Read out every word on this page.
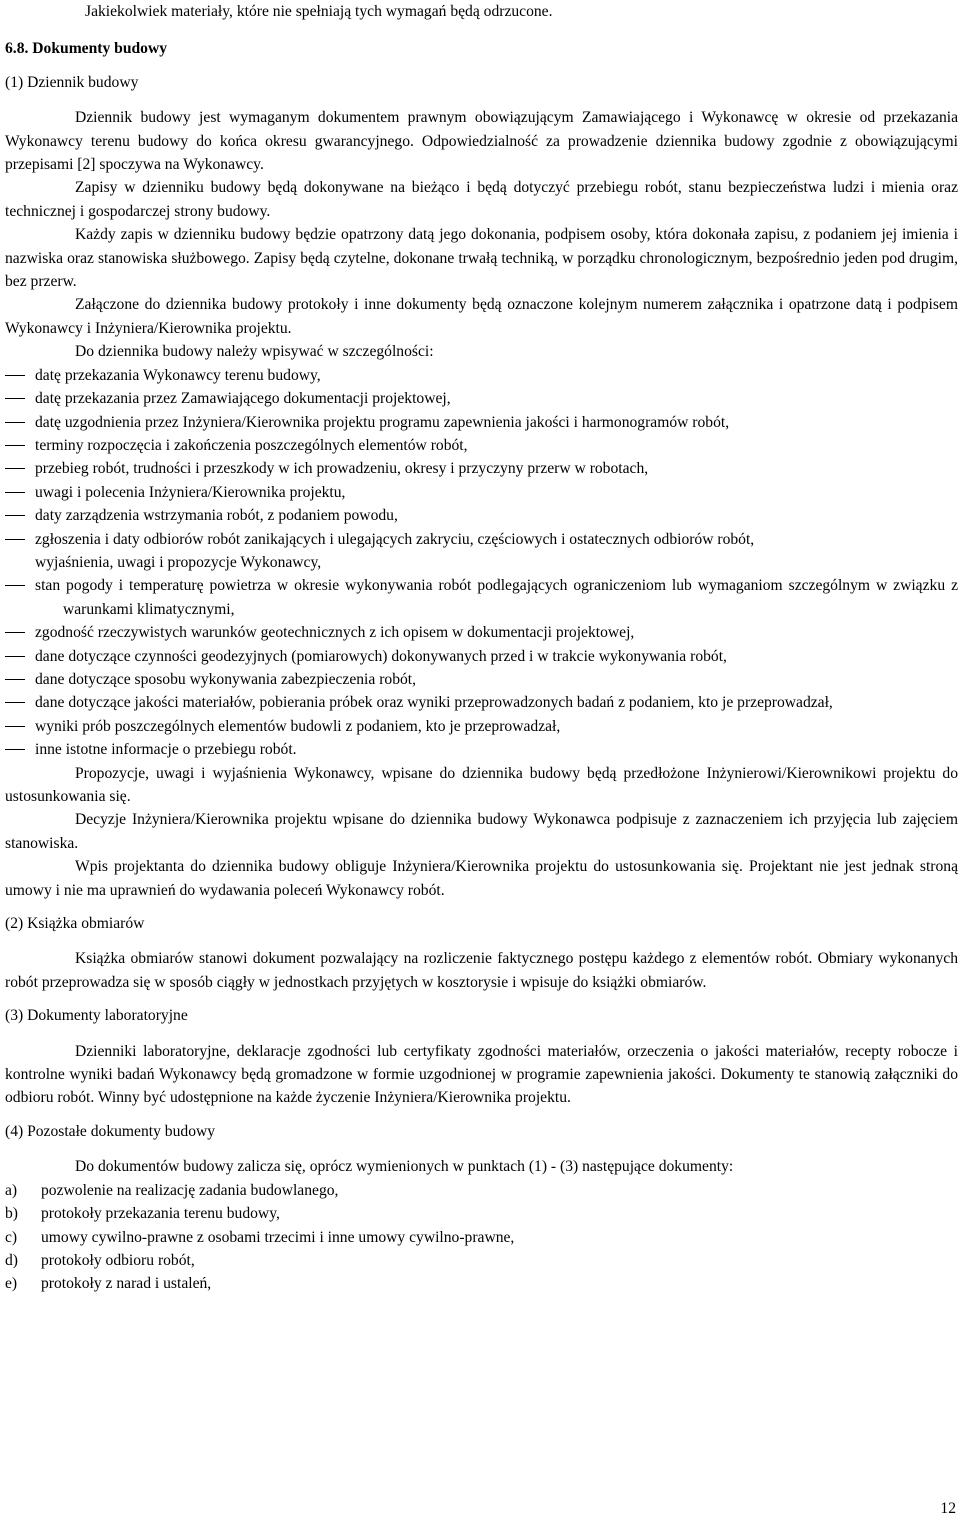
Jakiekolwiek materiały, które nie spełniają tych wymagań będą odrzucone.

6.8. Dokumenty budowy
(1) Dziennik budowy

Dziennik budowy jest wymaganym dokumentem prawnym obowiązującym Zamawiającego i Wykonawcę w okresie od przekazania Wykonawcy terenu budowy do końca okresu gwarancyjnego. Odpowiedzialność za prowadzenie dziennika budowy zgodnie z obowiązującymi przepisami [2] spoczywa na Wykonawcy.

Zapisy w dzienniku budowy będą dokonywane na bieżąco i będą dotyczyć przebiegu robót, stanu bezpieczeństwa ludzi i mienia oraz technicznej i gospodarczej strony budowy.

Każdy zapis w dzienniku budowy będzie opatrzony datą jego dokonania, podpisem osoby, która dokonała zapisu, z podaniem jej imienia i nazwiska oraz stanowiska służbowego. Zapisy będą czytelne, dokonane trwałą techniką, w porządku chronologicznym, bezpośrednio jeden pod drugim, bez przerw.

Załączone do dziennika budowy protokoły i inne dokumenty będą oznaczone kolejnym numerem załącznika i opatrzone datą i podpisem Wykonawcy i Inżyniera/Kierownika projektu.

Do dziennika budowy należy wpisywać w szczególności:

datę przekazania Wykonawcy terenu budowy,
datę przekazania przez Zamawiającego dokumentacji projektowej,
datę uzgodnienia przez Inżyniera/Kierownika projektu programu zapewnienia jakości i harmonogramów robót,
terminy rozpoczęcia i zakończenia poszczególnych elementów robót,
przebieg robót, trudności i przeszkody w ich prowadzeniu, okresy i przyczyny przerw w robotach,
uwagi i polecenia Inżyniera/Kierownika projektu,
daty zarządzenia wstrzymania robót, z podaniem powodu,
zgłoszenia i daty odbiorów robót zanikających i ulegających zakryciu, częściowych i ostatecznych odbiorów robót,
wyjaśnienia, uwagi i propozycje Wykonawcy,
stan pogody i temperaturę powietrza w okresie wykonywania robót podlegających ograniczeniom lub wymaganiom szczególnym w związku z warunkami klimatycznymi,
zgodność rzeczywistych warunków geotechnicznych z ich opisem w dokumentacji projektowej,
dane dotyczące czynności geodezyjnych (pomiarowych) dokonywanych przed i w trakcie wykonywania robót,
dane dotyczące sposobu wykonywania zabezpieczenia robót,
dane dotyczące jakości materiałów, pobierania próbek oraz wyniki przeprowadzonych badań z podaniem, kto je przeprowadzał,
wyniki prób poszczególnych elementów budowli z podaniem, kto je przeprowadzał,
inne istotne informacje o przebiegu robót.

Propozycje, uwagi i wyjaśnienia Wykonawcy, wpisane do dziennika budowy będą przedłożone Inżynierowi/Kierownikowi projektu do ustosunkowania się.

Decyzje Inżyniera/Kierownika projektu wpisane do dziennika budowy Wykonawca podpisuje z zaznaczeniem ich przyjęcia lub zajęciem stanowiska.

Wpis projektanta do dziennika budowy obliguje Inżyniera/Kierownika projektu do ustosunkowania się. Projektant nie jest jednak stroną umowy i nie ma uprawnień do wydawania poleceń Wykonawcy robót.

(2) Książka obmiarów

Książka obmiarów stanowi dokument pozwalający na rozliczenie faktycznego postępu każdego z elementów robót. Obmiary wykonanych robót przeprowadza się w sposób ciągły w jednostkach przyjętych w kosztorysie i wpisuje do książki obmiarów.

(3) Dokumenty laboratoryjne

Dzienniki laboratoryjne, deklaracje zgodności lub certyfikaty zgodności materiałów, orzeczenia o jakości materiałów, recepty robocze i kontrolne wyniki badań Wykonawcy będą gromadzone w formie uzgodnionej w programie zapewnienia jakości. Dokumenty te stanowią załączniki do odbioru robót. Winny być udostępnione na każde życzenie Inżyniera/Kierownika projektu.

(4) Pozostałe dokumenty budowy

Do dokumentów budowy zalicza się, oprócz wymienionych w punktach (1) - (3) następujące dokumenty:

a)	pozwolenie na realizację zadania budowlanego,
b)	protokoły przekazania terenu budowy,
c)	umowy cywilno-prawne z osobami trzecimi i inne umowy cywilno-prawne,
d)	protokoły odbioru robót,
e)	protokoły z narad i ustaleń,
12
